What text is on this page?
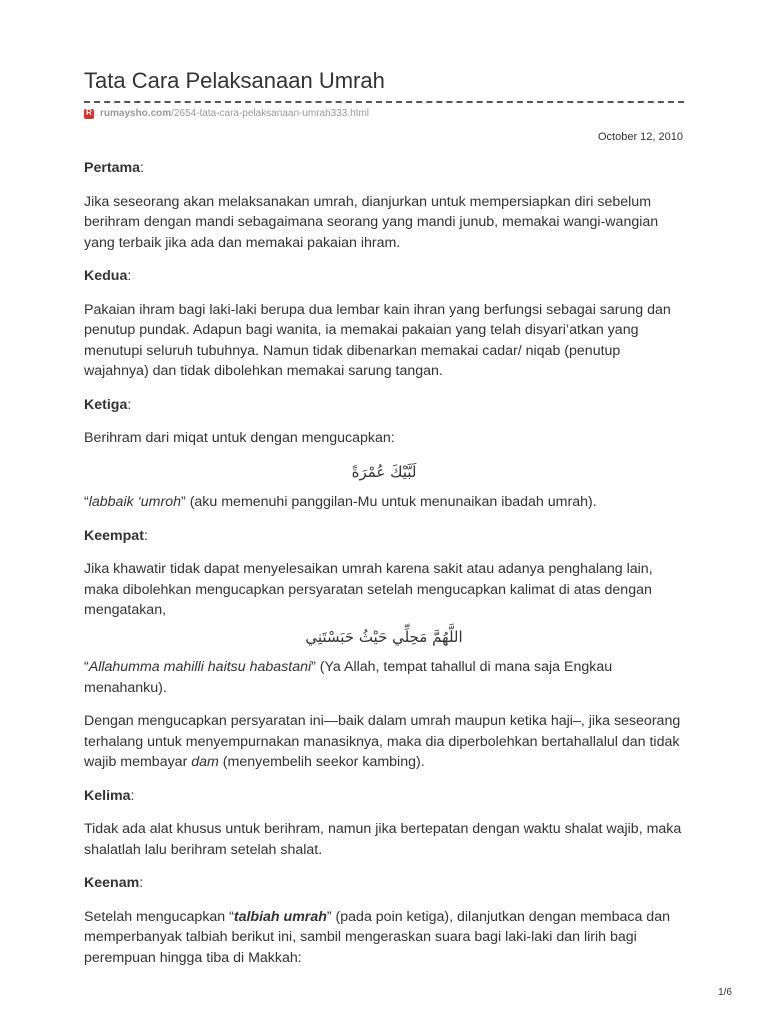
Tata Cara Pelaksanaan Umrah
R
rumaysho.com /2654-tata-cara-pelaksanaan-umrah333.html
October 12, 2010

Pertama:

Jika seseorang akan melaksanakan umrah, dianjurkan untuk mempersiapkan diri sebelum berihram dengan mandi sebagaimana seorang yang mandi junub, memakai wangi-wangian yang terbaik jika ada dan memakai pakaian ihram.

Kedua:

Pakaian ihram bagi laki-laki berupa dua lembar kain ihran yang berfungsi sebagai sarung dan penutup pundak. Adapun bagi wanita, ia memakai pakaian yang telah disyari’atkan yang menutupi seluruh tubuhnya. Namun tidak dibenarkan memakai cadar/ niqab (penutup wajahnya) dan tidak dibolehkan memakai sarung tangan.

Ketiga:

Berihram dari miqat untuk dengan mengucapkan:

لَبَّيْكَ عُمْرَةً

“labbaik ‘umroh” (aku memenuhi panggilan-Mu untuk menunaikan ibadah umrah).

Keempat:

Jika khawatir tidak dapat menyelesaikan umrah karena sakit atau adanya penghalang lain, maka dibolehkan mengucapkan persyaratan setelah mengucapkan kalimat di atas dengan mengatakan,

اللَّهُمَّ مَحِلِّي حَيْثُ حَبَسْتَنِي

“Allahumma mahilli haitsu habastani” (Ya Allah, tempat tahallul di mana saja Engkau menahanku).

Dengan mengucapkan persyaratan ini—baik dalam umrah maupun ketika haji–, jika seseorang terhalang untuk menyempurnakan manasiknya, maka dia diperbolehkan bertahallalul dan tidak wajib membayar dam (menyembelih seekor kambing).

Kelima:

Tidak ada alat khusus untuk berihram, namun jika bertepatan dengan waktu shalat wajib, maka shalatlah lalu berihram setelah shalat.

Keenam:

Setelah mengucapkan “talbiah umrah” (pada poin ketiga), dilanjutkan dengan membaca dan memperbanyak talbiah berikut ini, sambil mengeraskan suara bagi laki-laki dan lirih bagi perempuan hingga tiba di Makkah:

1/6
